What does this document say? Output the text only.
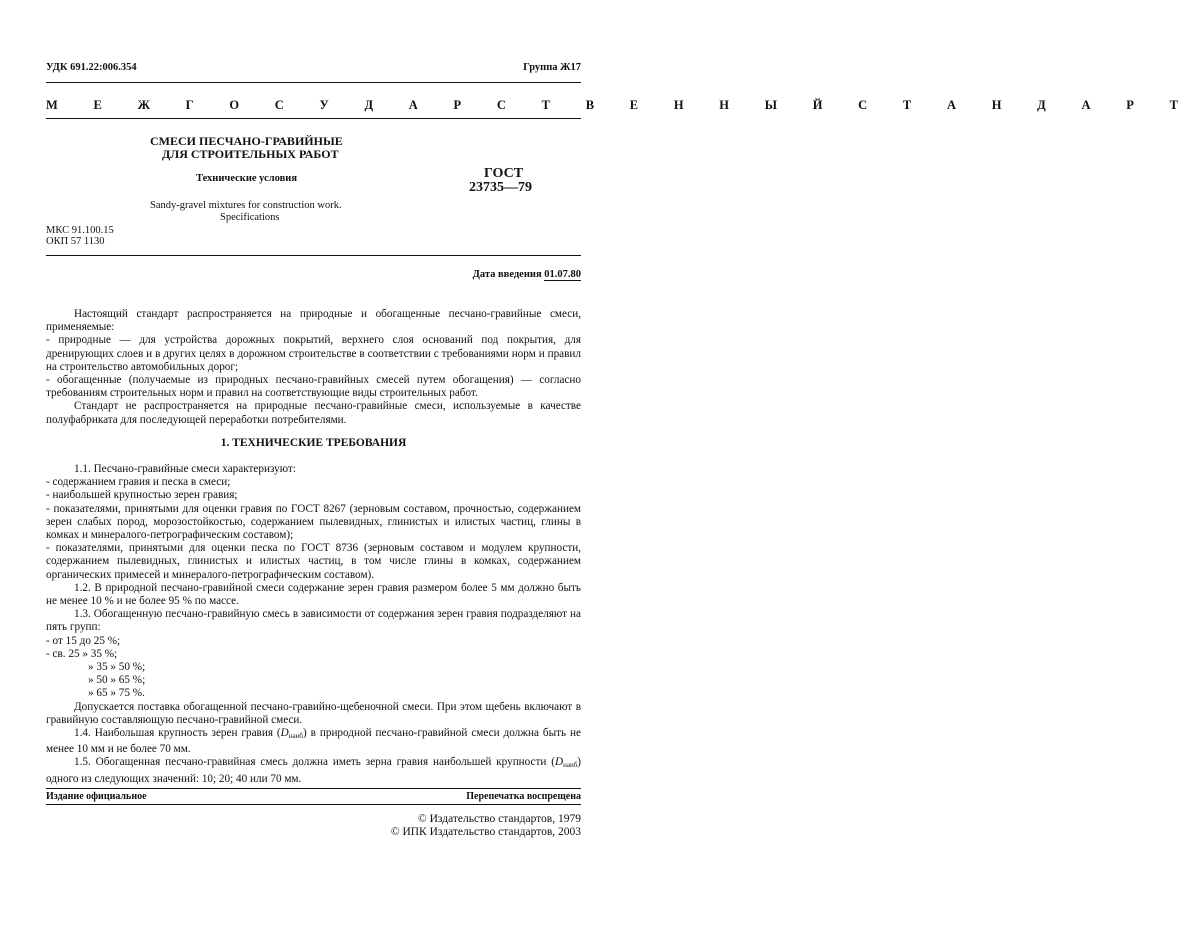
УДК 691.22:006.354	Группа Ж17
М Е Ж Г О С У Д А Р С Т В Е Н Н Ы Й С Т А Н Д А Р Т
СМЕСИ ПЕСЧАНО-ГРАВИЙНЫЕ
ДЛЯ СТРОИТЕЛЬНЫХ РАБОТ
Технические условия
Sandy-gravel mixtures for construction work.
Specifications
ГОСТ
23735—79
МКС 91.100.15
ОКП 57 1130
Дата введения 01.07.80

Настоящий стандарт распространяется на природные и обогащенные песчано-гравийные смеси, применяемые:

- природные — для устройства дорожных покрытий, верхнего слоя оснований под покрытия, для дренирующих слоев и в других целях в дорожном строительстве в соответствии с требованиями норм и правил на строительство автомобильных дорог;

- обогащенные (получаемые из природных песчано-гравийных смесей путем обогащения) — согласно требованиям строительных норм и правил на соответствующие виды строительных работ.

Стандарт не распространяется на природные песчано-гравийные смеси, используемые в качестве полуфабриката для последующей переработки потребителями.

1. ТЕХНИЧЕСКИЕ ТРЕБОВАНИЯ

1.1. Песчано-гравийные смеси характеризуют:

- содержанием гравия и песка в смеси;

- наибольшей крупностью зерен гравия;

- показателями, принятыми для оценки гравия по ГОСТ 8267 (зерновым составом, прочностью, содержанием зерен слабых пород, морозостойкостью, содержанием пылевидных, глинистых и илистых частиц, глины в комках и минералого-петрографическим составом);

- показателями, принятыми для оценки песка по ГОСТ 8736 (зерновым составом и модулем крупности, содержанием пылевидных, глинистых и илистых частиц, в том числе глины в комках, содержанием органических примесей и минералого-петрографическим составом).

1.2. В природной песчано-гравийной смеси содержание зерен гравия размером более 5 мм должно быть не менее 10 % и не более 95 % по массе.

1.3. Обогащенную песчано-гравийную смесь в зависимости от содержания зерен гравия подразделяют на пять групп:

- от 15 до 25 %;

- св. 25 » 35 %;

» 35 » 50 %;

» 50 » 65 %;

» 65 » 75 %.

Допускается поставка обогащенной песчано-гравийно-щебеночной смеси. При этом щебень включают в гравийную составляющую песчано-гравийной смеси.

1.4. Наибольшая крупность зерен гравия $(D_{наиб})$ в природной песчано-гравийной смеси должна быть не менее 10 мм и не более 70 мм.

1.5. Обогащенная песчано-гравийная смесь должна иметь зерна гравия наибольшей крупности $(D_{наиб})$ одного из следующих значений: 10; 20; 40 или 70 мм.

Издание официальное	Перепечатка воспрещена
© Издательство стандартов, 1979
© ИПК Издательство стандартов, 2003
